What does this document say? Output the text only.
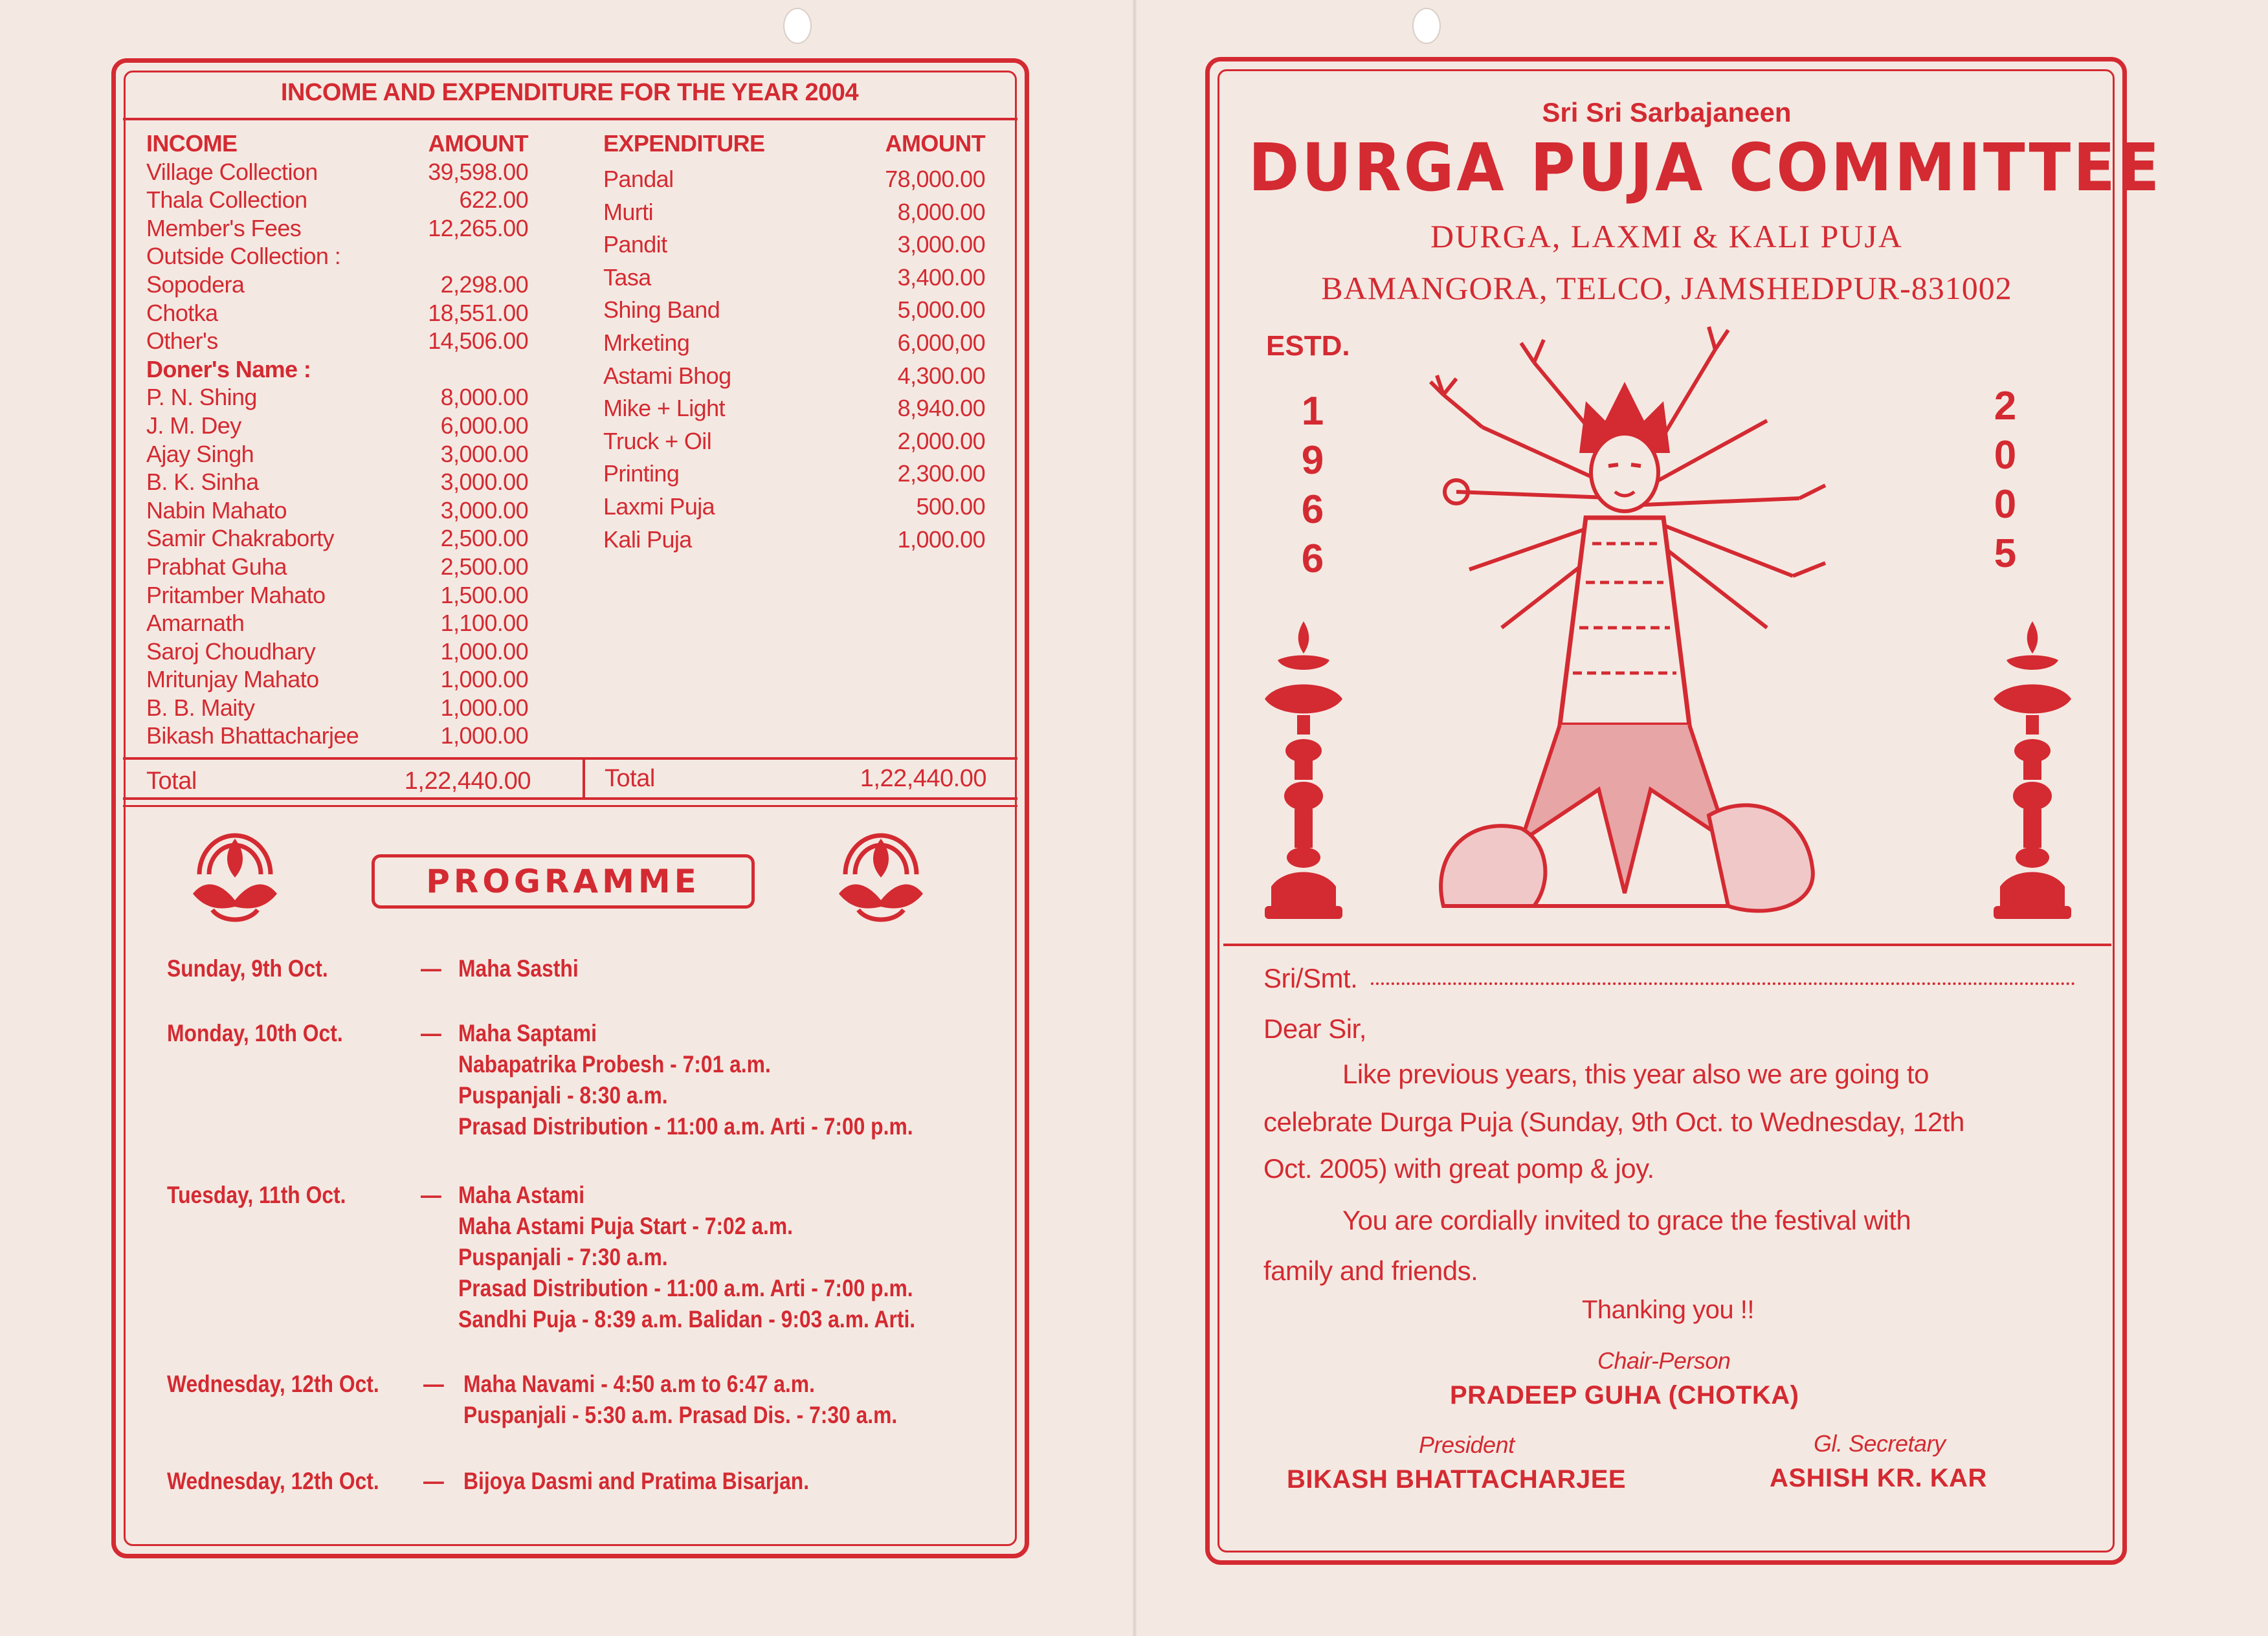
INCOME AND EXPENDITURE FOR THE YEAR 2004
INCOME	AMOUNT
Village Collection	39,598.00
Thala Collection	622.00
Member's Fees	12,265.00
Outside Collection :
Sopodera	2,298.00
Chotka	18,551.00
Other's	14,506.00
Doner's Name :
P. N. Shing	8,000.00
J. M. Dey	6,000.00
Ajay Singh	3,000.00
B. K. Sinha	3,000.00
Nabin Mahato	3,000.00
Samir Chakraborty	2,500.00
Prabhat Guha	2,500.00
Pritamber Mahato	1,500.00
Amarnath	1,100.00
Saroj Choudhary	1,000.00
Mritunjay Mahato	1,000.00
B. B. Maity	1,000.00
Bikash Bhattacharjee	1,000.00
EXPENDITURE	AMOUNT
Pandal	78,000.00
Murti	8,000.00
Pandit	3,000.00
Tasa	3,400.00
Shing Band	5,000.00
Mrketing	6,000,00
Astami Bhog	4,300.00
Mike + Light	8,940.00
Truck + Oil	2,000.00
Printing	2,300.00
Laxmi Puja	500.00
Kali Puja	1,000.00
Total	1,22,440.00	Total	1,22,440.00
PROGRAMME
Sunday, 9th Oct.	— Maha Sasthi
Monday, 10th Oct.	— Maha Saptami
Nabapatrika Probesh - 7:01 a.m.
Puspanjali - 8:30 a.m.
Prasad Distribution - 11:00 a.m. Arti - 7:00 p.m.
Tuesday, 11th Oct.	— Maha Astami
Maha Astami Puja Start - 7:02 a.m.
Puspanjali - 7:30 a.m.
Prasad Distribution - 11:00 a.m. Arti - 7:00 p.m.
Sandhi Puja - 8:39 a.m. Balidan - 9:03 a.m. Arti.
Wednesday, 12th Oct. — Maha Navami - 4:50 a.m to 6:47 a.m.
Puspanjali - 5:30 a.m. Prasad Dis. - 7:30 a.m.
Wednesday, 12th Oct. — Bijoya Dasmi and Pratima Bisarjan.
Sri Sri Sarbajaneen
DURGA PUJA COMMITTEE
DURGA, LAXMI & KALI PUJA
BAMANGORA, TELCO, JAMSHEDPUR-831002
ESTD.
1
9
6
6
2
0
0
5
Sri/Smt.
Dear Sir,
Like previous years, this year also we are going to
celebrate Durga Puja (Sunday, 9th Oct. to Wednesday, 12th
Oct. 2005) with great pomp & joy.
You are cordially invited to grace the festival with
family and friends.
Thanking you !!
Chair-Person
PRADEEP GUHA (CHOTKA)
President
BIKASH BHATTACHARJEE
Gl. Secretary
ASHISH KR. KAR
